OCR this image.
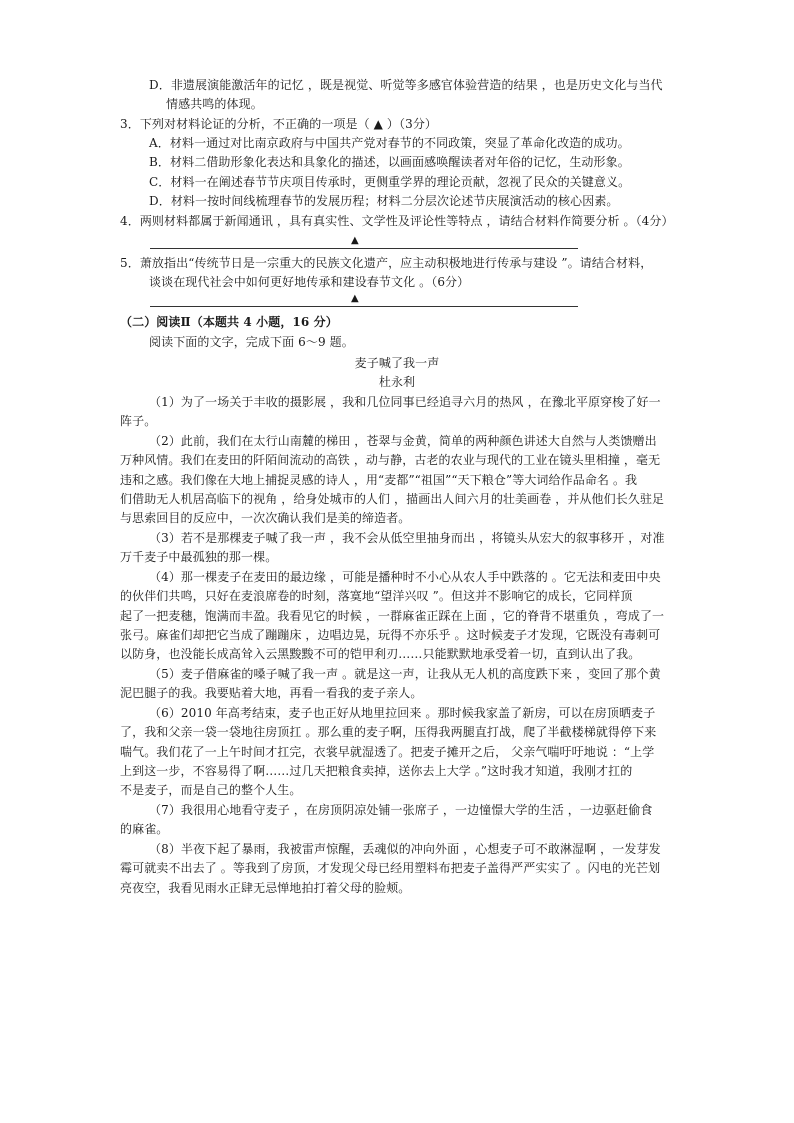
D．非遗展演能激活年的记忆 ，既是视觉、听觉等多感官体验营造的结果 ，也是历史文化与当代
情感共鸣的体现。
3．下列对材料论证的分析，不正确的一项是（ ▲ ）（3分）
A．材料一通过对比南京政府与中国共产党对春节的不同政策，突显了革命化改造的成功。
B．材料二借助形象化表达和具象化的描述，以画面感唤醒读者对年俗的记忆，生动形象。
C．材料一在阐述春节节庆项目传承时，更侧重学界的理论贡献，忽视了民众的关键意义。
D．材料一按时间线梳理春节的发展历程；材料二分层次论述节庆展演活动的核心因素。
4．两则材料都属于新闻通讯 ，具有真实性、文学性及评论性等特点 ，请结合材料作简要分析 。（4分）
▲
5．萧放指出“传统节日是一宗重大的民族文化遗产，应主动积极地进行传承与建设 ”。请结合材料，
谈谈在现代社会中如何更好地传承和建设春节文化 。（6分）
▲
（二）阅读Ⅱ（本题共 4 小题，16 分）
阅读下面的文字，完成下面 6～9 题。
麦子喊了我一声
杜永利
（1）为了一场关于丰收的摄影展 ，我和几位同事已经追寻六月的热风 ，在豫北平原穿梭了好一
阵子。
（2）此前，我们在太行山南麓的梯田 ，苍翠与金黄，简单的两种颜色讲述大自然与人类馈赠出
万种风情。我们在麦田的阡陌间流动的高铁 ，动与静，古老的农业与现代的工业在镜头里相撞 ，毫无
违和之感。我们像在大地上捕捉灵感的诗人 ，用“麦都”“祖国”“天下粮仓”等大词给作品命名 。我
们借助无人机居高临下的视角 ，给身处城市的人们 ，描画出人间六月的壮美画卷 ，并从他们长久驻足
与思索回目的反应中，一次次确认我们是美的缔造者。
（3）若不是那棵麦子喊了我一声 ，我不会从低空里抽身而出 ，将镜头从宏大的叙事移开 ，对准
万千麦子中最孤独的那一棵。
（4）那一棵麦子在麦田的最边缘 ，可能是播种时不小心从农人手中跌落的 。它无法和麦田中央
的伙伴们共鸣，只好在麦浪席卷的时刻，落寞地“望洋兴叹 ”。但这并不影响它的成长，它同样顶
起了一把麦穗，饱满而丰盈。我看见它的时候 ，一群麻雀正踩在上面 ，它的脊背不堪重负 ，弯成了一
张弓。麻雀们却把它当成了蹦蹦床 ，边唱边晃，玩得不亦乐乎 。这时候麦子才发现，它既没有毒刺可
以防身，也没能长成高耸入云黑黢黢不可的铠甲利刃……只能默默地承受着一切，直到认出了我。
（5）麦子借麻雀的嗓子喊了我一声 。就是这一声，让我从无人机的高度跌下来 ，变回了那个黄
泥巴腿子的我。我要贴着大地，再看一看我的麦子亲人。
（6）2010 年高考结束，麦子也正好从地里拉回来 。那时候我家盖了新房，可以在房顶晒麦子
了，我和父亲一袋一袋地往房顶扛 。那么重的麦子啊，压得我两腿直打战，爬了半截楼梯就得停下来
喘气。我们花了一上午时间才扛完，衣裳早就湿透了。把麦子摊开之后， 父亲气喘吁吁地说 ：“上学
上到这一步，不容易得了啊……过几天把粮食卖掉，送你去上大学 。”这时我才知道，我刚才扛的
不是麦子，而是自己的整个人生。
（7）我很用心地看守麦子 ，在房顶阴凉处铺一张席子 ，一边憧憬大学的生活 ，一边驱赶偷食
的麻雀。
（8）半夜下起了暴雨，我被雷声惊醒，丢魂似的冲向外面 ，心想麦子可不敢淋湿啊 ，一发芽发
霉可就卖不出去了 。等我到了房顶，才发现父母已经用塑料布把麦子盖得严严实实了 。闪电的光芒划
亮夜空，我看见雨水正肆无忌惮地拍打着父母的脸颊。
